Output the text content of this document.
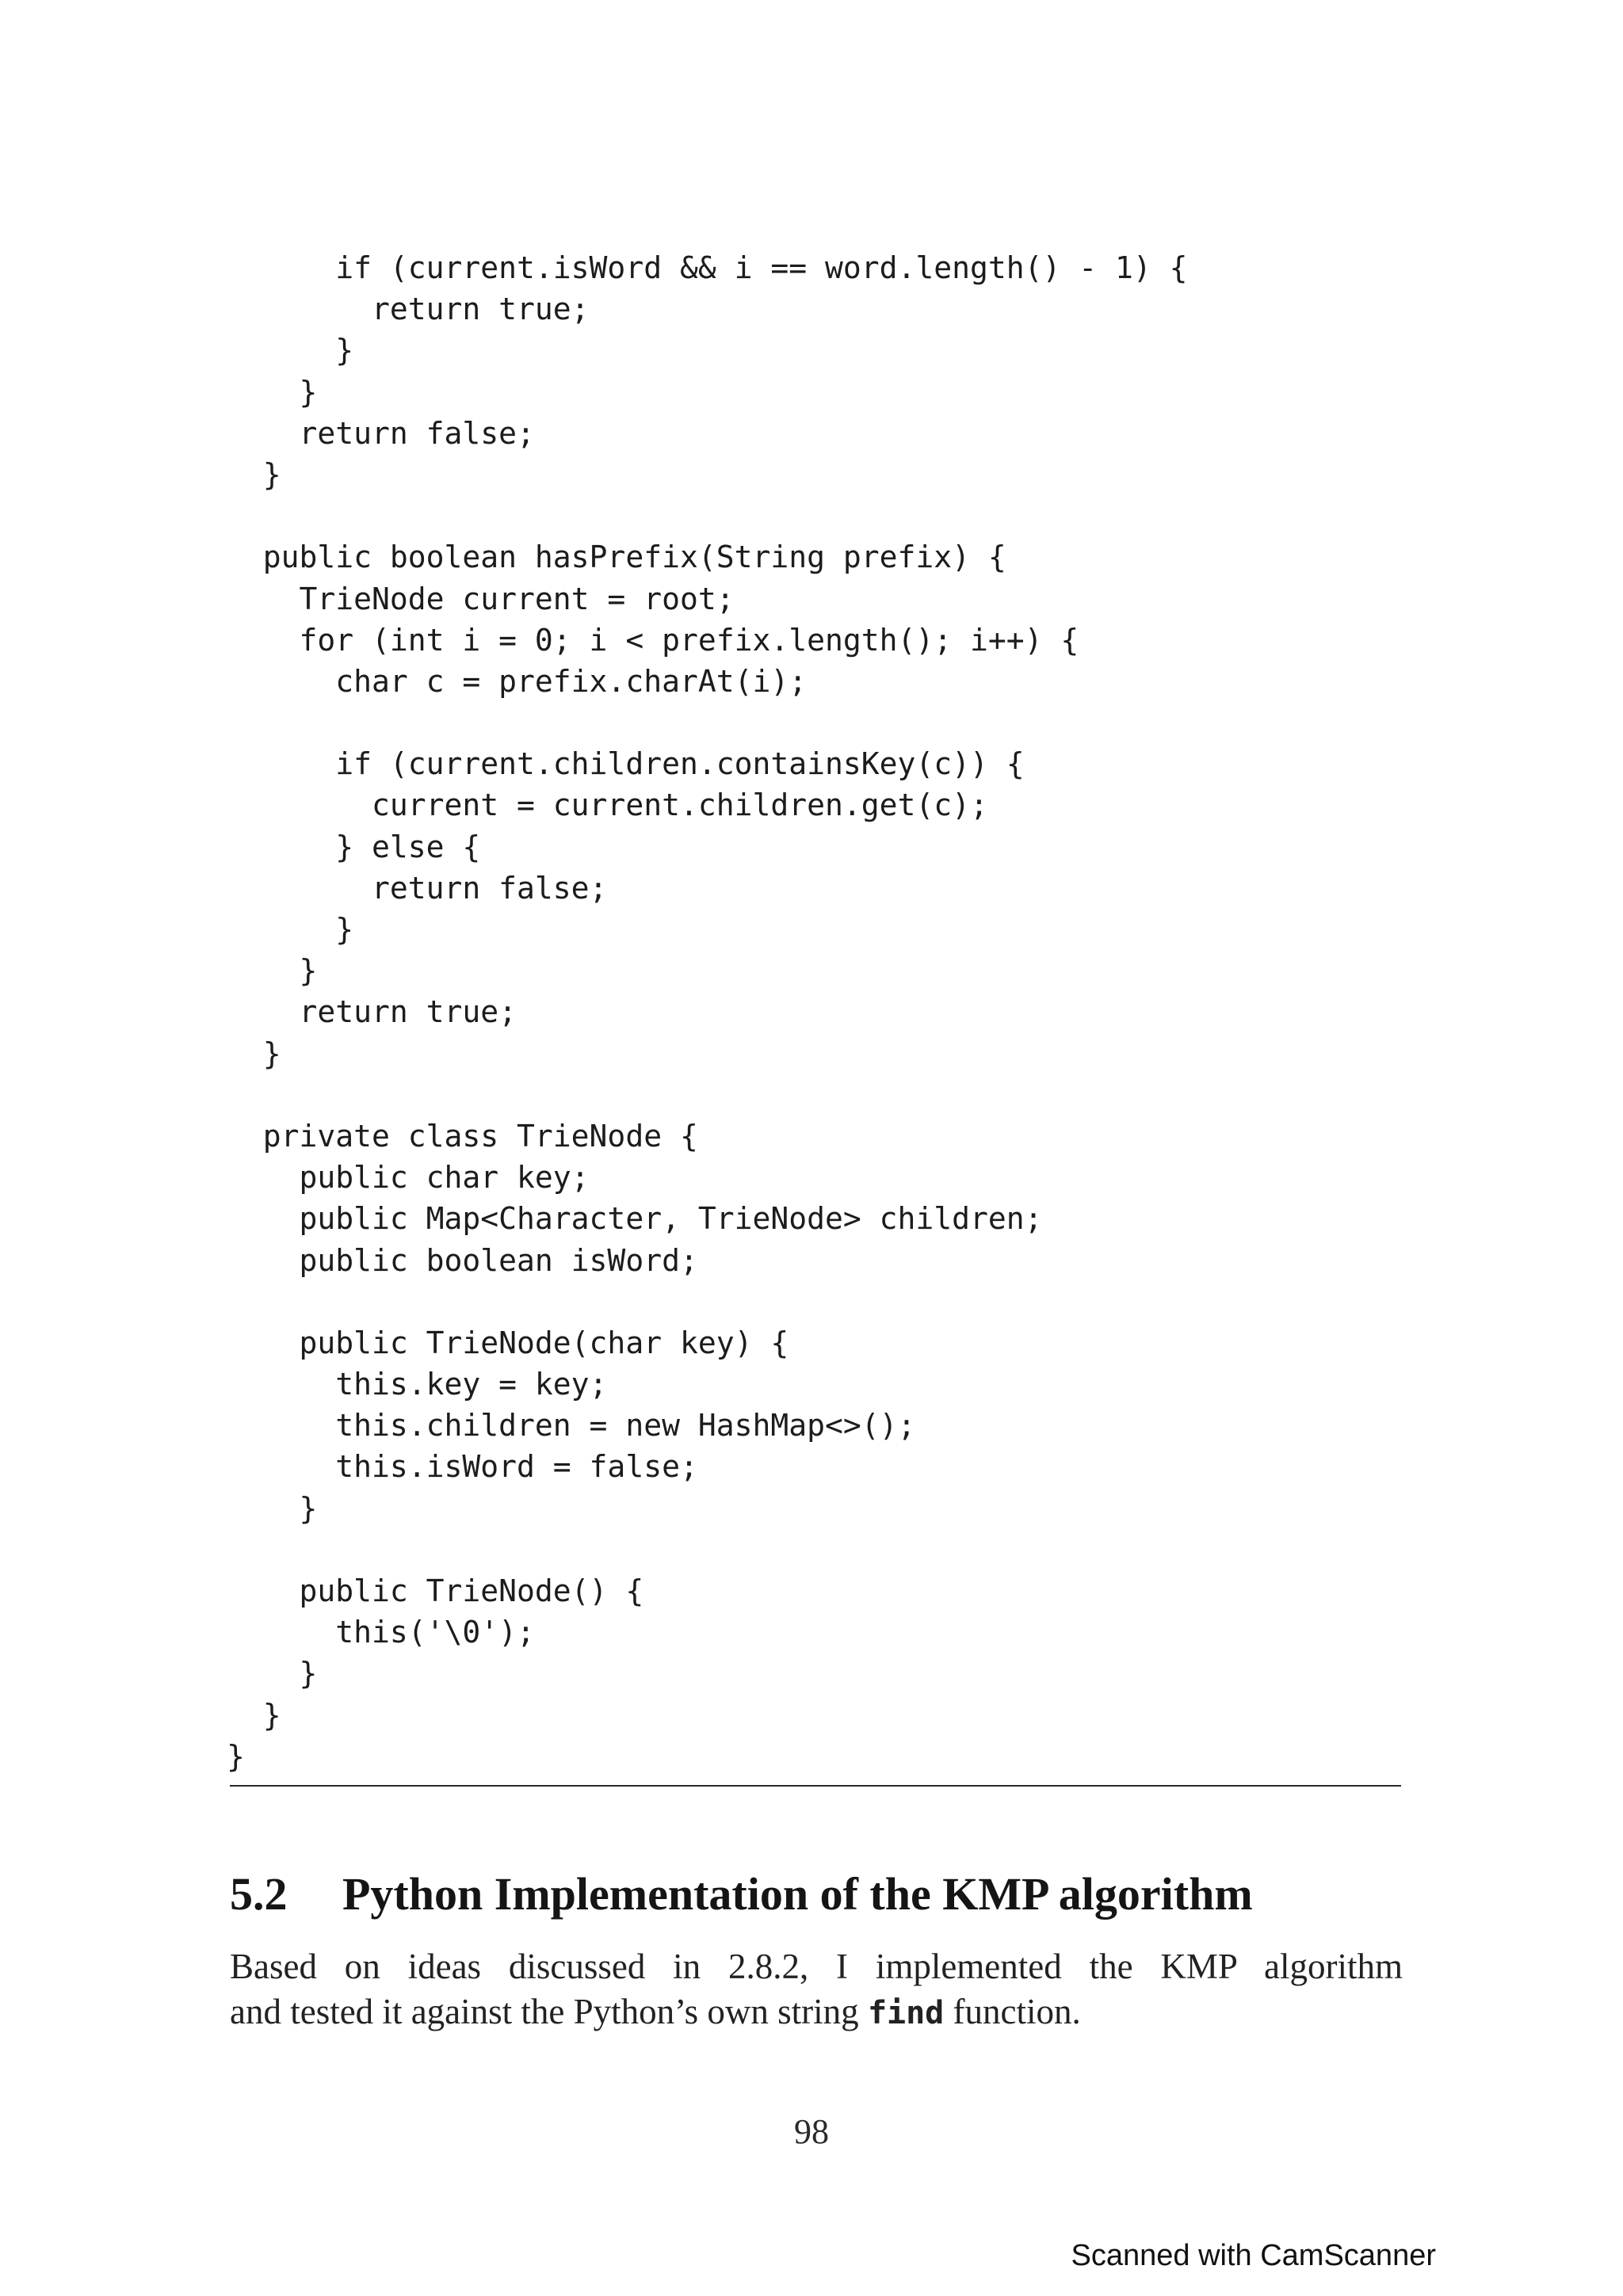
if (current.isWord && i == word.length() - 1) {
return true;
}
}
return false;
}
public boolean hasPrefix(String prefix) {
TrieNode current = root;
for (int i = 0; i < prefix.length(); i++) {
char c = prefix.charAt(i);
if (current.children.containsKey(c)) {
current = current.children.get(c);
} else {
return false;
}
}
return true;
}
private class TrieNode {
public char key;
public Map<Character, TrieNode> children;
public boolean isWord;
public TrieNode(char key) {
this.key = key;
this.children = new HashMap<>();
this.isWord = false;
}
public TrieNode() {
this('\0');
}
}
}
5.2 Python Implementation of the KMP algorithm

Based on ideas discussed in 2.8.2, I implemented the KMP algorithm
and tested it against the Python’s own string find function.

98
Scanned with CamScanner
